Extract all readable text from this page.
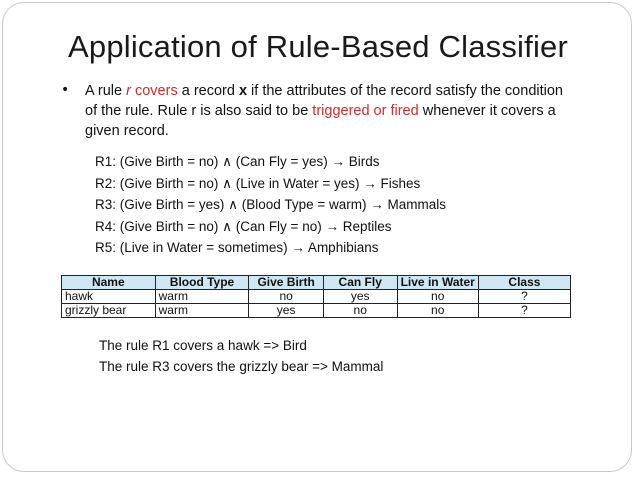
Application of Rule-Based Classifier
• A rule r covers a record x if the attributes of the record satisfy the condition of the rule. Rule r is also said to be triggered or fired whenever it covers a given record.
R1: (Give Birth = no) ∧ (Can Fly = yes) → Birds
R2: (Give Birth = no) ∧ (Live in Water = yes) → Fishes
R3: (Give Birth = yes) ∧ (Blood Type = warm) → Mammals
R4: (Give Birth = no) ∧ (Can Fly = no) → Reptiles
R5: (Live in Water = sometimes) → Amphibians
Name	Blood Type	Give Birth	Can Fly	Live in Water	Class
hawk	warm	no	yes	no	?
grizzly bear	warm	yes	no	no	?
The rule R1 covers a hawk => Bird
The rule R3 covers the grizzly bear => Mammal
